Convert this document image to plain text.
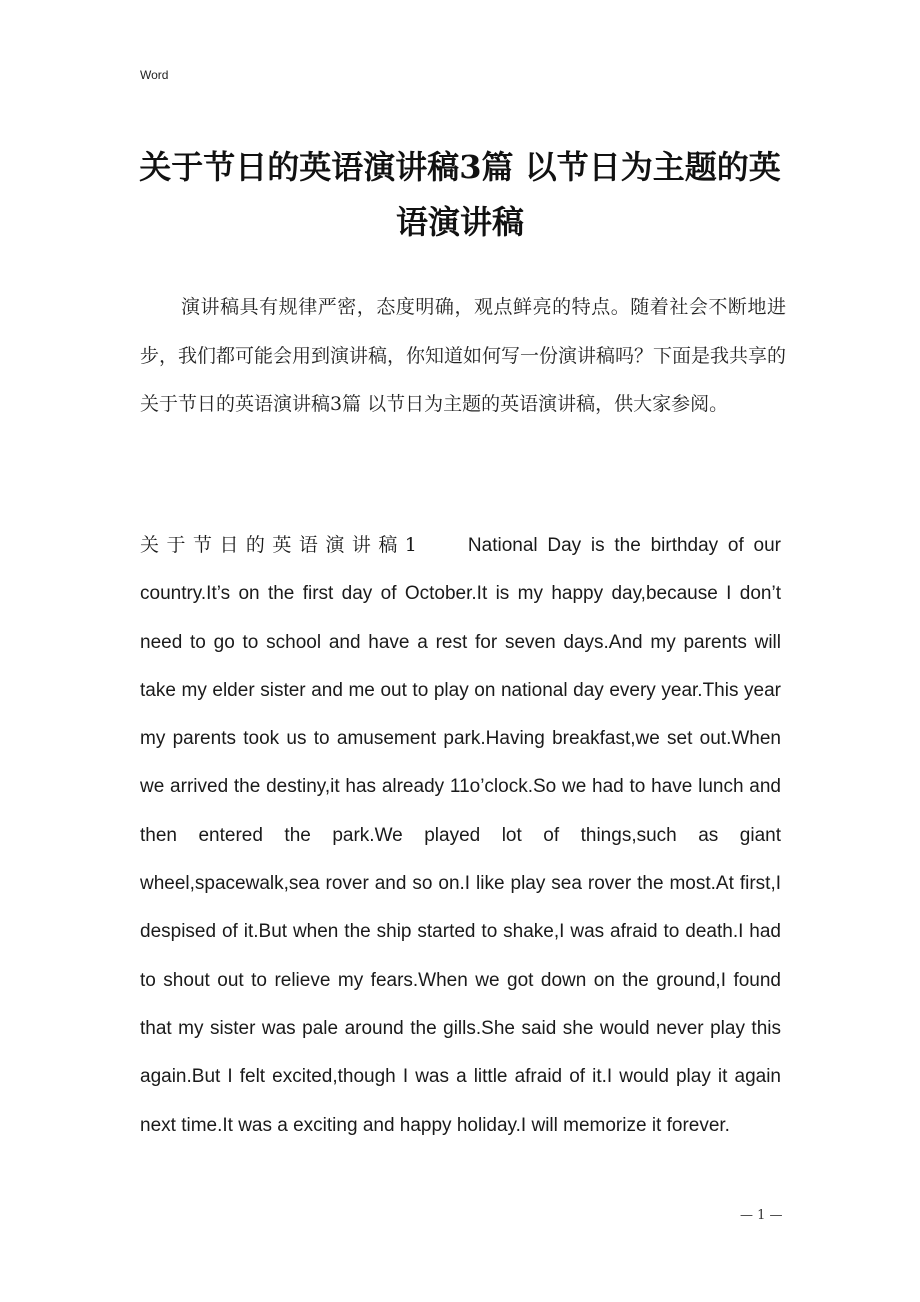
Word
关于节日的英语演讲稿3篇 以节日为主题的英语演讲稿

演讲稿具有规律严密，态度明确，观点鲜亮的特点。随着社会不断地进步，我们都可能会用到演讲稿，你知道如何写一份演讲稿吗？下面是我共享的关于节日的英语演讲稿3篇 以节日为主题的英语演讲稿，供大家参阅。

关于节日的英语演讲稿1	National Day is the birthday of our country.It’s on the first day of October.It is my happy day,because I don’t need to go to school and have a rest for seven days.And my parents will take my elder sister and me out to play on national day every year.This year my parents took us to amusement park.Having breakfast,we set out.When we arrived the destiny,it has already 11o’clock.So we had to have lunch and then entered the park.We played lot of things,such as giant wheel,spacewalk,sea rover and so on.I like play sea rover the most.At first,I despised of it.But when the ship started to shake,I was afraid to death.I had to shout out to relieve my fears.When we got down on the ground,I found that my sister was pale around the gills.She said she would never play this again.But I felt excited,though I was a little afraid of it.I would play it again next time.It was a exciting and happy holiday.I will memorize it forever.

— 1 —
